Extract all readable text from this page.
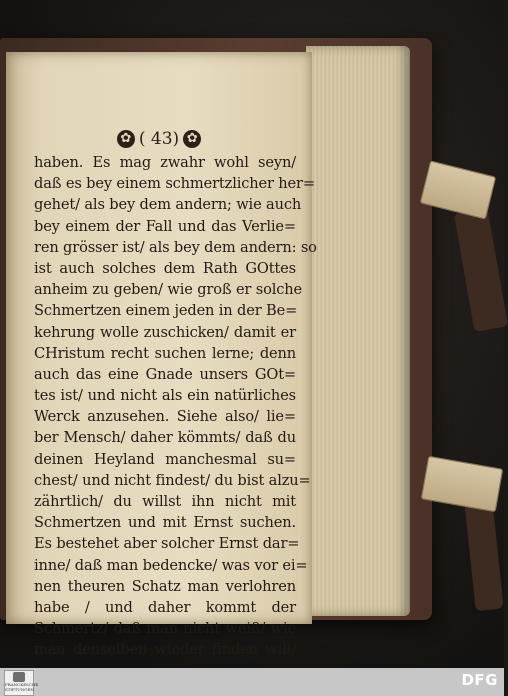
✿ ( 43) ✿
haben. Es mag zwahr wohl seyn/
daß es bey einem schmertzlicher her=
gehet/ als bey dem andern; wie auch
bey einem der Fall und das Verlie=
ren grösser ist/ als bey dem andern: so
ist auch solches dem Rath GOttes
anheim zu geben/ wie groß er solche
Schmertzen einem jeden in der Be=
kehrung wolle zuschicken/ damit er
CHristum recht suchen lerne; denn
auch das eine Gnade unsers GOt=
tes ist/ und nicht als ein natürliches
Werck anzusehen. Siehe also/ lie=
ber Mensch/ daher kömmts/ daß du
deinen Heyland manchesmal su=
chest/ und nicht findest/ du bist alzu=
zährtlich/ du willst ihn nicht mit
Schmertzen und mit Ernst suchen.
Es bestehet aber solcher Ernst dar=
inne/ daß man bedencke/ was vor ei=
nen theuren Schatz man verlohren
habe / und daher kommt der
Schmertz/ daß man nicht weiß/ wie
man denselben wieder finden will/
FRANCKESCHE STIFTUNGEN
DFG
